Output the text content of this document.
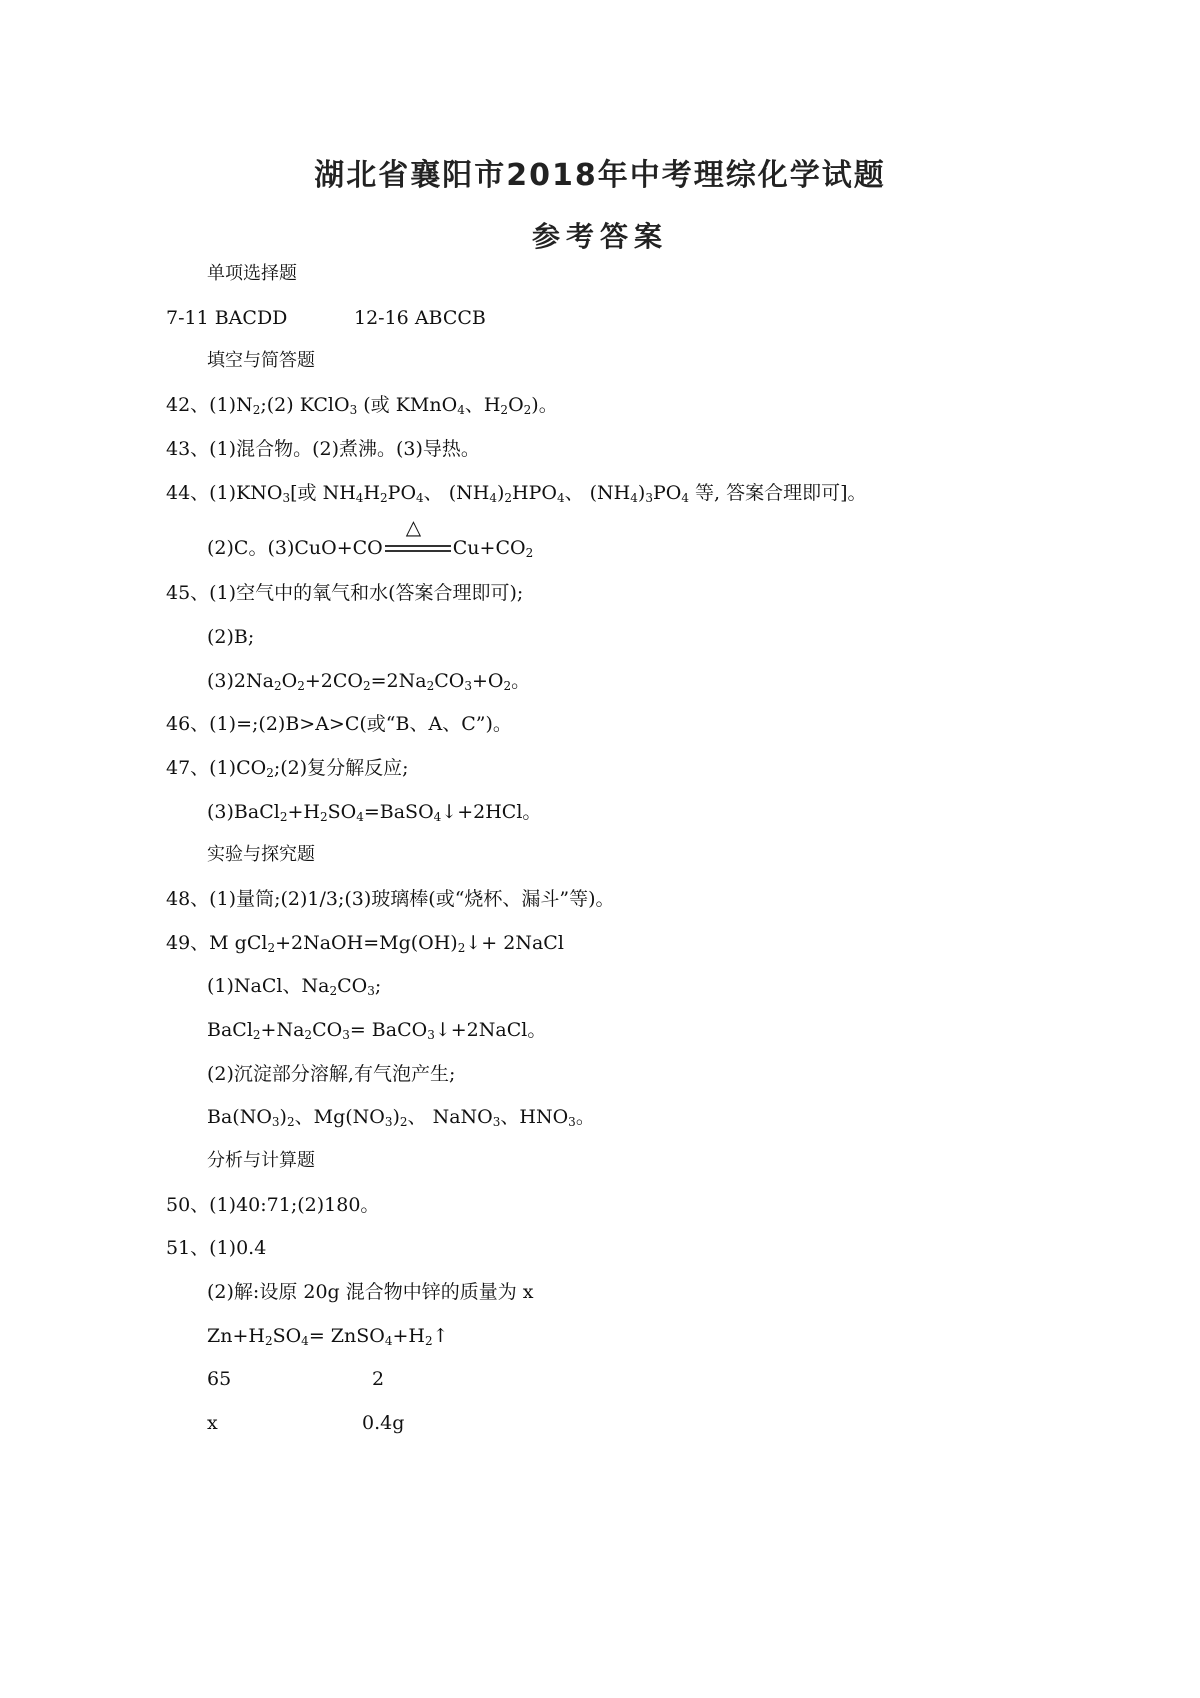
湖北省襄阳市2018年中考理综化学试题
参考答案
单项选择题
7-11 BACDD	12-16 ABCCB
填空与简答题
42、$(1)N_2;(2)$ KClO$_3$ (或 KMnO$_4$、$H_2O_2$)。
43、(1)混合物。(2)煮沸。(3)导热。
44、$(1)KNO_3$[或 $NH_4H_2PO_4$、 $(NH_4)_2HPO_4$、 $(NH_4)_3PO_4$ 等, 答案合理即可]。
(2)C。(3)CuO+CO
△
$Cu+CO_2$
45、(1)空气中的氧气和水(答案合理即可);
(2)B;
$(3)2Na_2O_2+2CO_2=2Na_2CO_3+O_2$。
46、(1)=;(2)B>A>C(或“B、A、C”)。
47、$(1)CO_2;(2)$复分解反应;
$(3)BaCl_2+H_2SO_4=BaSO_4↓+2HCl$。
实验与探究题
48、(1)量筒;(2)1/3;(3)玻璃棒(或“烧杯、漏斗”等)。
49、M $gCl_2+2NaOH=Mg(OH)_2↓+$ 2NaCl
(1)NaCl、$Na_2CO_3$;
$BaCl_2+Na_2CO_3=$ BaCO$_3$↓+2NaCl。
(2)沉淀部分溶解,有气泡产生;
$Ba(NO_3)_2$、$Mg(NO_3)_2$、 NaNO$_3$、$HNO_3$。
分析与计算题
50、(1)40:71;(2)180。
51、(1)0.4
(2)解:设原 20g 混合物中锌的质量为 x
$Zn+H_2SO_4=$ $ZnSO_4+H_2↑$
65	2
x	0.4g
